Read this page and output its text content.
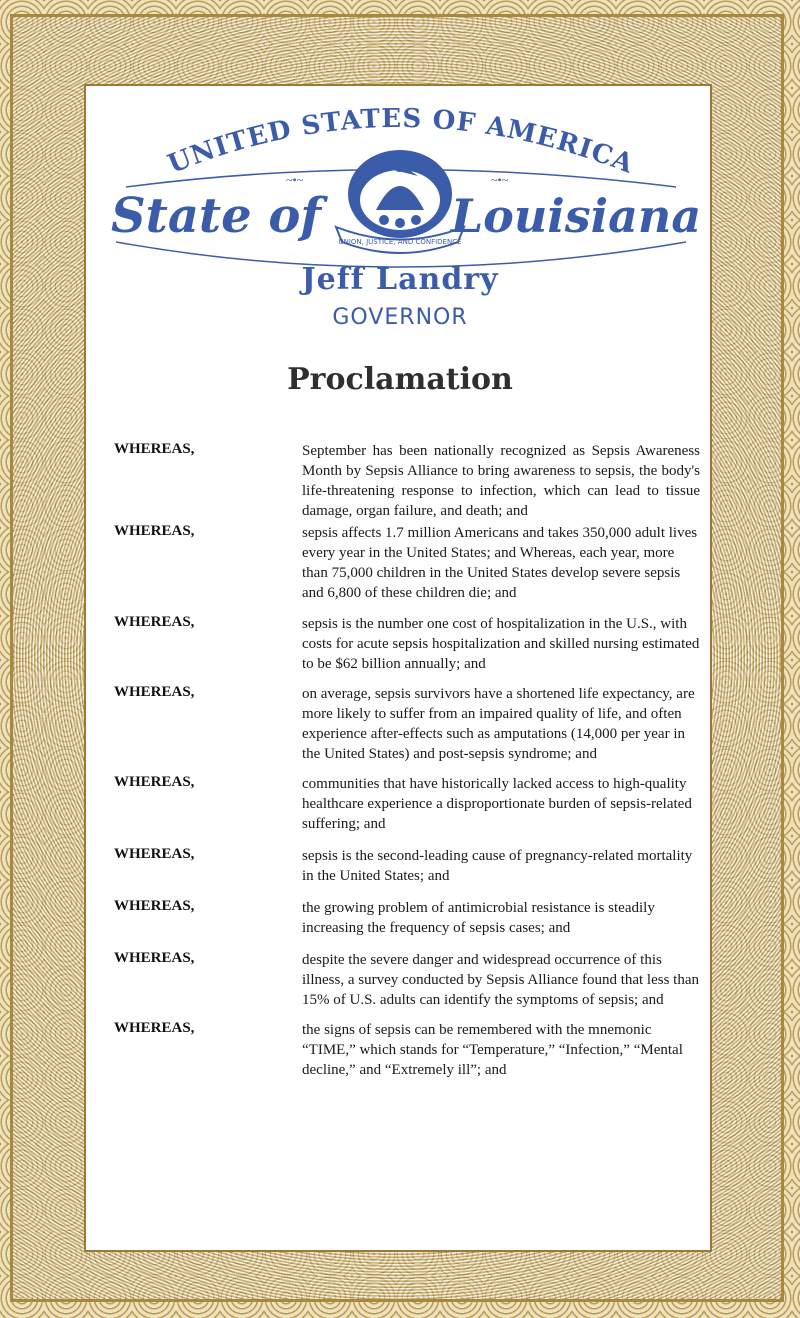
UNITED STATES OF AMERICA
UNION, JUSTICE, AND CONFIDENCE
State of	Louisiana
~•~	~•~
Jeff Landry
GOVERNOR
Proclamation

WHEREAS,	September has been nationally recognized as Sepsis Awareness Month by Sepsis Alliance to bring awareness to sepsis, the body's life-threatening response to infection, which can lead to tissue damage, organ failure, and death; and

WHEREAS,	sepsis affects 1.7 million Americans and takes 350,000 adult lives every year in the United States; and Whereas, each year, more than 75,000 children in the United States develop severe sepsis and 6,800 of these children die; and

WHEREAS,	sepsis is the number one cost of hospitalization in the U.S., with costs for acute sepsis hospitalization and skilled nursing estimated to be $62 billion annually; and

WHEREAS,	on average, sepsis survivors have a shortened life expectancy, are more likely to suffer from an impaired quality of life, and often experience after-effects such as amputations (14,000 per year in the United States) and post-sepsis syndrome; and

WHEREAS,	communities that have historically lacked access to high-quality healthcare experience a disproportionate burden of sepsis-related suffering; and

WHEREAS,	sepsis is the second-leading cause of pregnancy-related mortality in the United States; and

WHEREAS,	the growing problem of antimicrobial resistance is steadily increasing the frequency of sepsis cases; and

WHEREAS,	despite the severe danger and widespread occurrence of this illness, a survey conducted by Sepsis Alliance found that less than 15% of U.S. adults can identify the symptoms of sepsis; and

WHEREAS,	the signs of sepsis can be remembered with the mnemonic “TIME,” which stands for “Temperature,” “Infection,” “Mental decline,” and “Extremely ill”; and
